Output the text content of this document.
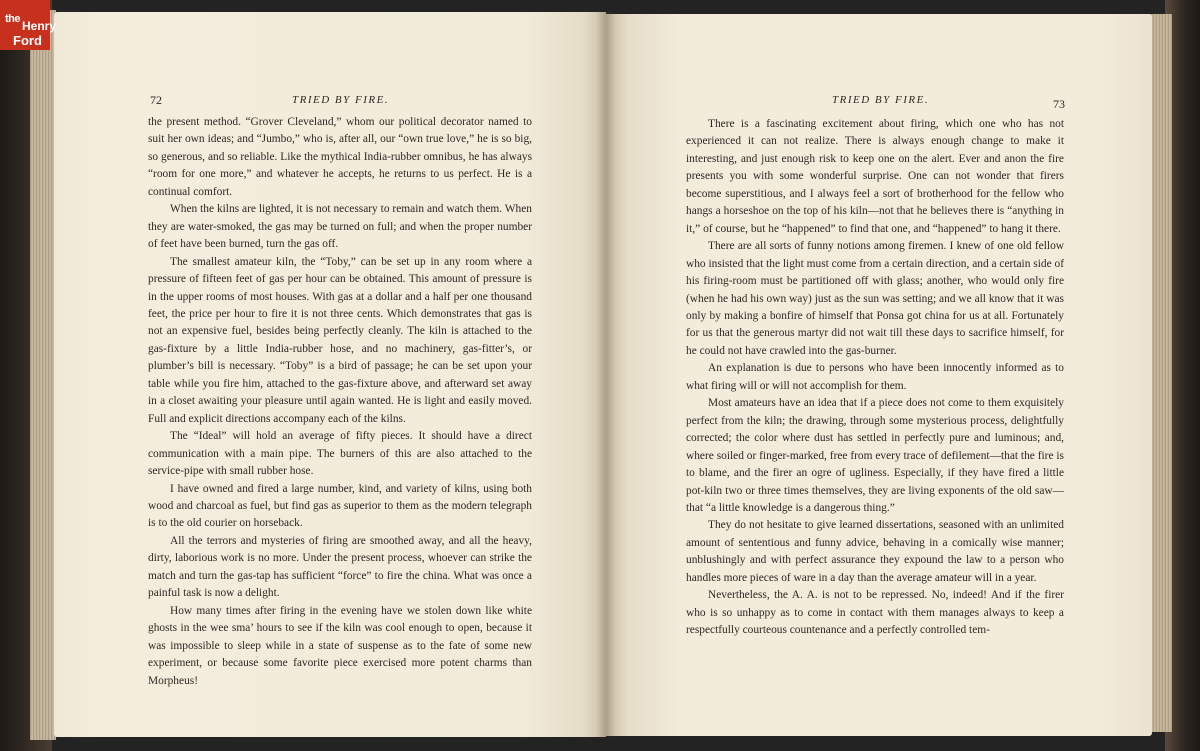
the Henry
Ford
72	TRIED BY FIRE.

the present method. “Grover Cleveland,” whom our political decorator named to suit her own ideas; and “Jumbo,” who is, after all, our “own true love,” he is so big, so generous, and so reliable. Like the mythical India-rubber omnibus, he has always “room for one more,” and whatever he accepts, he returns to us perfect. He is a continual comfort.

When the kilns are lighted, it is not necessary to remain and watch them. When they are water-smoked, the gas may be turned on full; and when the proper number of feet have been burned, turn the gas off.

The smallest amateur kiln, the “Toby,” can be set up in any room where a pressure of fifteen feet of gas per hour can be obtained. This amount of pressure is in the upper rooms of most houses. With gas at a dollar and a half per one thousand feet, the price per hour to fire it is not three cents. Which demonstrates that gas is not an expensive fuel, besides being perfectly cleanly. The kiln is attached to the gas-fixture by a little India-rubber hose, and no machinery, gas-fitter’s, or plumber’s bill is necessary. “Toby” is a bird of passage; he can be set upon your table while you fire him, attached to the gas-fixture above, and afterward set away in a closet awaiting your pleasure until again wanted. He is light and easily moved. Full and explicit directions accompany each of the kilns.

The “Ideal” will hold an average of fifty pieces. It should have a direct communication with a main pipe. The burners of this are also attached to the service-pipe with small rubber hose.

I have owned and fired a large number, kind, and variety of kilns, using both wood and charcoal as fuel, but find gas as superior to them as the modern telegraph is to the old courier on horseback.

All the terrors and mysteries of firing are smoothed away, and all the heavy, dirty, laborious work is no more. Under the present process, whoever can strike the match and turn the gas-tap has sufficient “force” to fire the china. What was once a painful task is now a delight.

How many times after firing in the evening have we stolen down like white ghosts in the wee sma’ hours to see if the kiln was cool enough to open, because it was impossible to sleep while in a state of suspense as to the fate of some new experiment, or because some favorite piece exercised more potent charms than Morpheus!

TRIED BY FIRE.	73

There is a fascinating excitement about firing, which one who has not experienced it can not realize. There is always enough change to make it interesting, and just enough risk to keep one on the alert. Ever and anon the fire presents you with some wonderful surprise. One can not wonder that firers become superstitious, and I always feel a sort of brotherhood for the fellow who hangs a horseshoe on the top of his kiln—not that he believes there is “anything in it,” of course, but he “happened” to find that one, and “happened” to hang it there.

There are all sorts of funny notions among firemen. I knew of one old fellow who insisted that the light must come from a certain direction, and a certain side of his firing-room must be partitioned off with glass; another, who would only fire (when he had his own way) just as the sun was setting; and we all know that it was only by making a bonfire of himself that Ponsa got china for us at all. Fortunately for us that the generous martyr did not wait till these days to sacrifice himself, for he could not have crawled into the gas-burner.

An explanation is due to persons who have been innocently informed as to what firing will or will not accomplish for them.

Most amateurs have an idea that if a piece does not come to them exquisitely perfect from the kiln; the drawing, through some mysterious process, delightfully corrected; the color where dust has settled in perfectly pure and luminous; and, where soiled or finger-marked, free from every trace of defilement—that the fire is to blame, and the firer an ogre of ugliness. Especially, if they have fired a little pot-kiln two or three times themselves, they are living exponents of the old saw—that “a little knowledge is a dangerous thing.”

They do not hesitate to give learned dissertations, seasoned with an unlimited amount of sententious and funny advice, behaving in a comically wise manner; unblushingly and with perfect assurance they expound the law to a person who handles more pieces of ware in a day than the average amateur will in a year.

Nevertheless, the A. A. is not to be repressed. No, indeed! And if the firer who is so unhappy as to come in contact with them manages always to keep a respectfully courteous countenance and a perfectly controlled tem-
